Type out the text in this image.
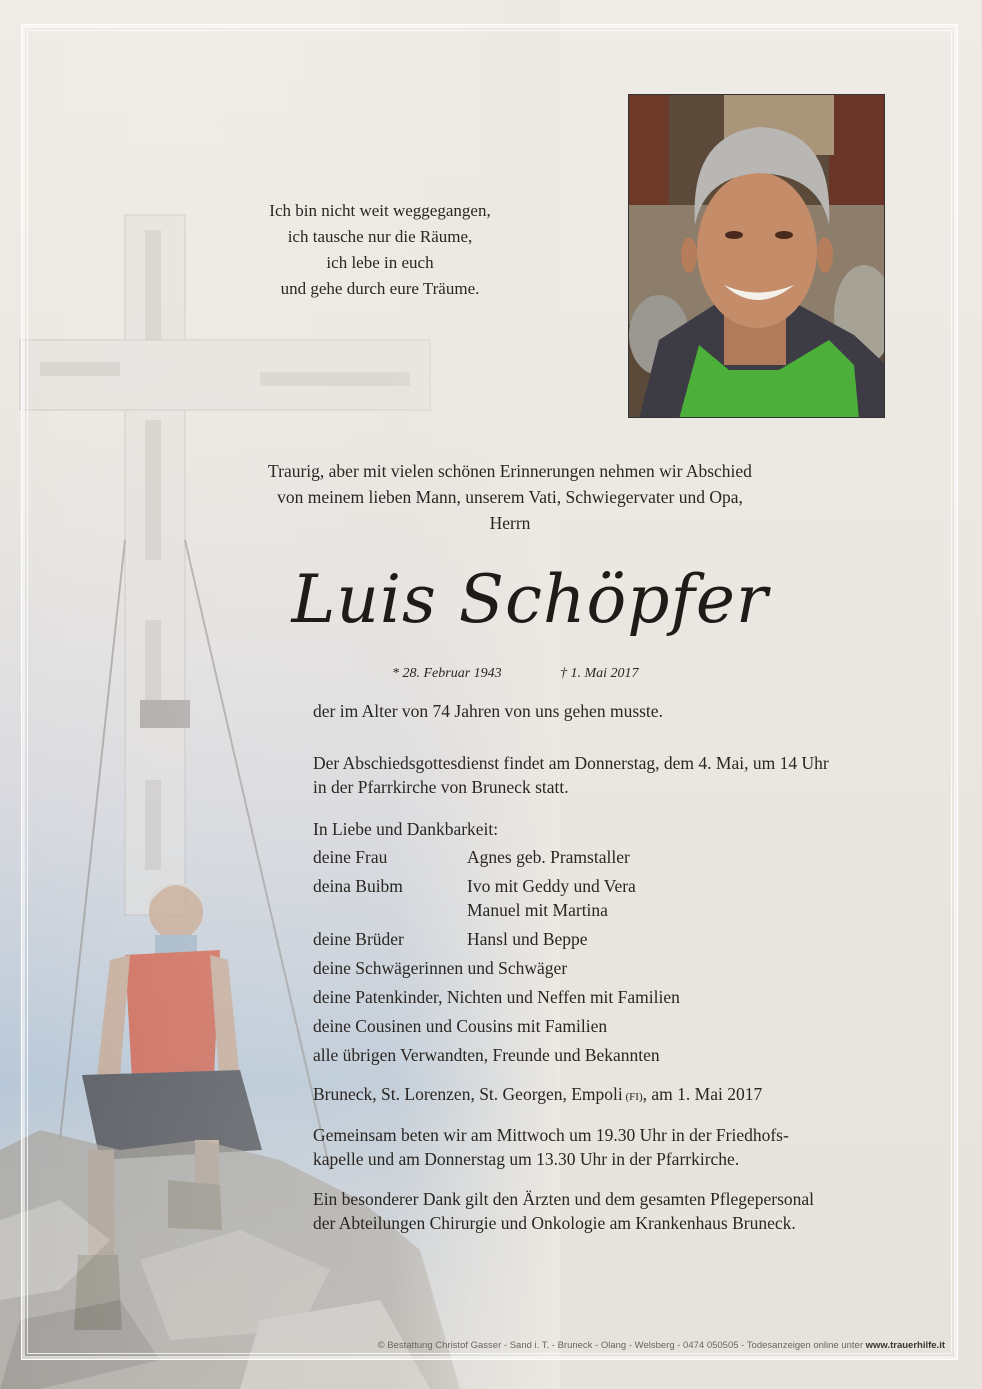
Ich bin nicht weit weggegangen,
ich tausche nur die Räume,
ich lebe in euch
und gehe durch eure Träume.
Traurig, aber mit vielen schönen Erinnerungen nehmen wir Abschied
von meinem lieben Mann, unserem Vati, Schwiegervater und Opa,
Herrn
Luis Schöpfer
* 28. Februar 1943	† 1. Mai 2017
der im Alter von 74 Jahren von uns gehen musste.
Der Abschiedsgottesdienst findet am Donnerstag, dem 4. Mai, um 14 Uhr
in der Pfarrkirche von Bruneck statt.
In Liebe und Dankbarkeit:
deine Frau	Agnes geb. Pramstaller
deina Buibm	Ivo mit Geddy und Vera
Manuel mit Martina
deine Brüder	Hansl und Beppe
deine Schwägerinnen und Schwäger
deine Patenkinder, Nichten und Neffen mit Familien
deine Cousinen und Cousins mit Familien
alle übrigen Verwandten, Freunde und Bekannten
Bruneck, St. Lorenzen, St. Georgen, Empoli (FI), am 1. Mai 2017
Gemeinsam beten wir am Mittwoch um 19.30 Uhr in der Friedhofs-
kapelle und am Donnerstag um 13.30 Uhr in der Pfarrkirche.
Ein besonderer Dank gilt den Ärzten und dem gesamten Pflegepersonal
der Abteilungen Chirurgie und Onkologie am Krankenhaus Bruneck.
© Bestattung Christof Gasser - Sand i. T. - Bruneck - Olang - Welsberg - 0474 050505 - Todesanzeigen online unter www.trauerhilfe.it
